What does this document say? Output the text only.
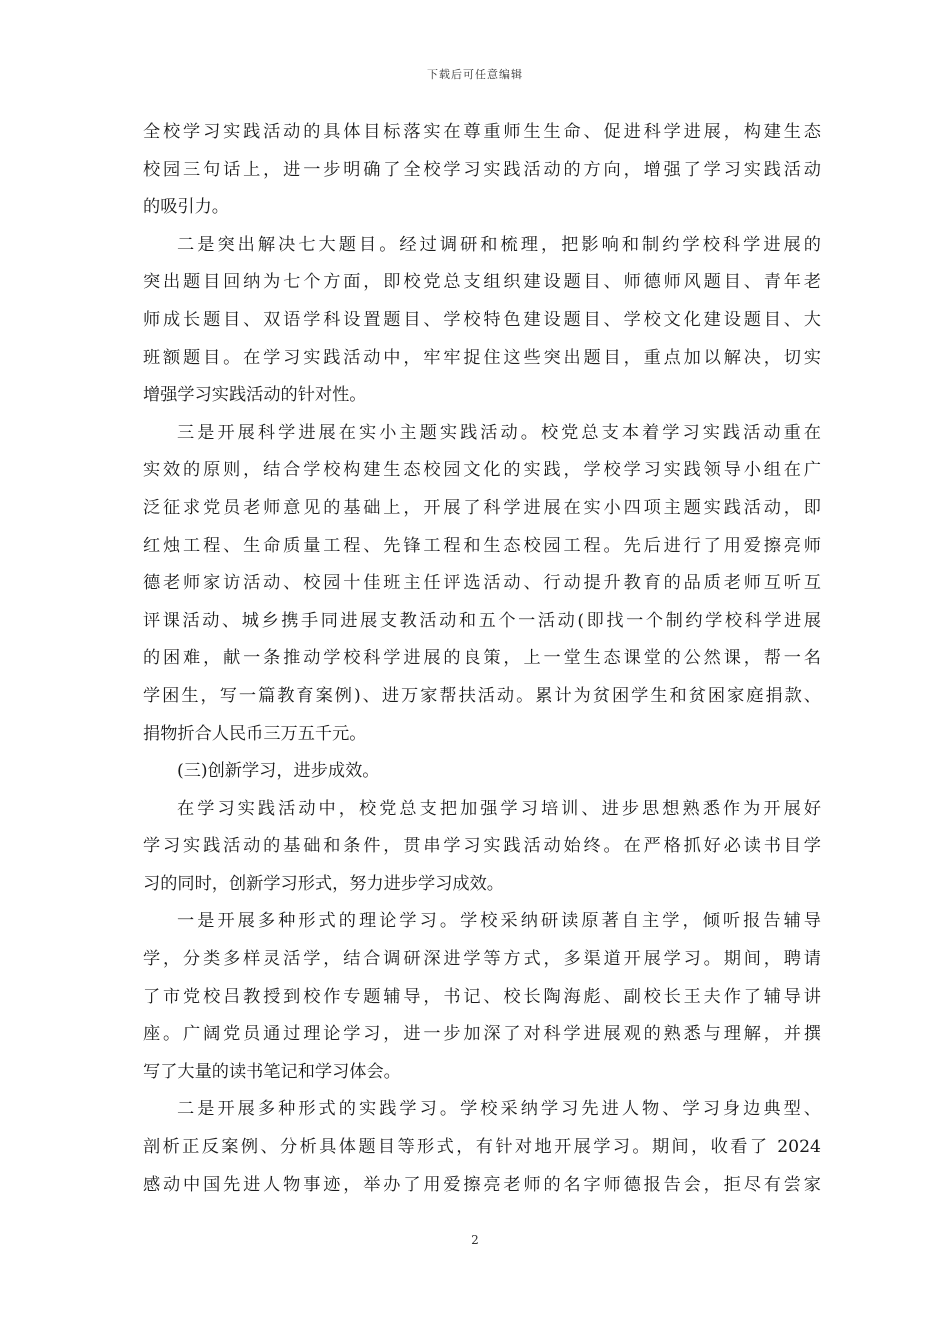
下载后可任意编辑
全校学习实践活动的具体目标落实在尊重师生生命、促进科学进展，构建生态
校园三句话上，进一步明确了全校学习实践活动的方向，增强了学习实践活动
的吸引力。
二是突出解决七大题目。经过调研和梳理，把影响和制约学校科学进展的
突出题目回纳为七个方面，即校党总支组织建设题目、师德师风题目、青年老
师成长题目、双语学科设置题目、学校特色建设题目、学校文化建设题目、大
班额题目。在学习实践活动中，牢牢捉住这些突出题目，重点加以解决，切实
增强学习实践活动的针对性。
三是开展科学进展在实小主题实践活动。校党总支本着学习实践活动重在
实效的原则，结合学校构建生态校园文化的实践，学校学习实践领导小组在广
泛征求党员老师意见的基础上，开展了科学进展在实小四项主题实践活动，即
红烛工程、生命质量工程、先锋工程和生态校园工程。先后进行了用爱擦亮师
德老师家访活动、校园十佳班主任评选活动、行动提升教育的品质老师互听互
评课活动、城乡携手同进展支教活动和五个一活动(即找一个制约学校科学进展
的困难，献一条推动学校科学进展的良策，上一堂生态课堂的公然课，帮一名
学困生，写一篇教育案例)、进万家帮扶活动。累计为贫困学生和贫困家庭捐款、
捐物折合人民币三万五千元。
(三)创新学习，进步成效。
在学习实践活动中，校党总支把加强学习培训、进步思想熟悉作为开展好
学习实践活动的基础和条件，贯串学习实践活动始终。在严格抓好必读书目学
习的同时，创新学习形式，努力进步学习成效。
一是开展多种形式的理论学习。学校采纳研读原著自主学，倾听报告辅导
学，分类多样灵活学，结合调研深进学等方式，多渠道开展学习。期间，聘请
了市党校吕教授到校作专题辅导，书记、校长陶海彪、副校长王夫作了辅导讲
座。广阔党员通过理论学习，进一步加深了对科学进展观的熟悉与理解，并撰
写了大量的读书笔记和学习体会。
二是开展多种形式的实践学习。学校采纳学习先进人物、学习身边典型、
剖析正反案例、分析具体题目等形式，有针对地开展学习。期间，收看了 2024
感动中国先进人物事迹，举办了用爱擦亮老师的名字师德报告会，拒尽有尝家
2
